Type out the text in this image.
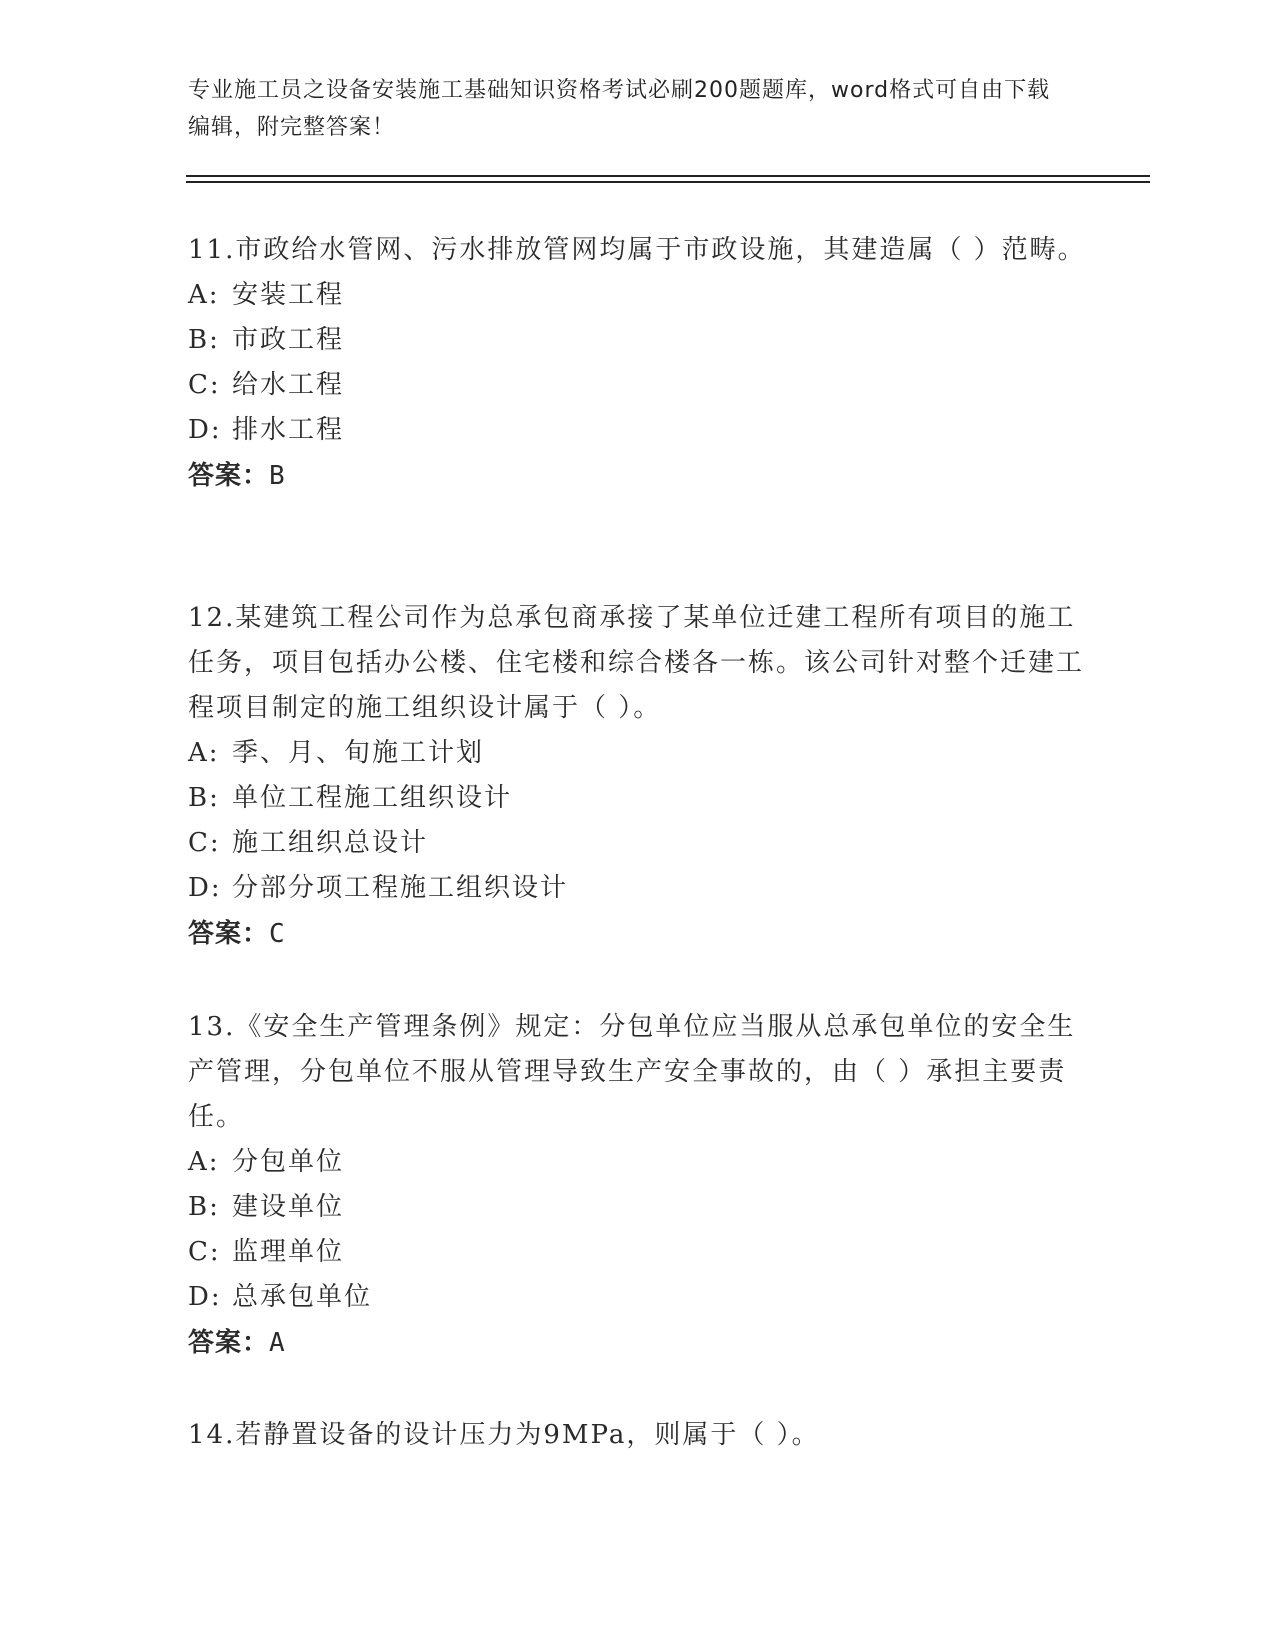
专业施工员之设备安装施工基础知识资格考试必刷200题题库，word格式可自由下载编辑，附完整答案！
11.市政给水管网、污水排放管网均属于市政设施，其建造属（ ）范畴。
A: 安装工程
B: 市政工程
C: 给水工程
D: 排水工程
答案：B
12.某建筑工程公司作为总承包商承接了某单位迁建工程所有项目的施工任务，项目包括办公楼、住宅楼和综合楼各一栋。该公司针对整个迁建工程项目制定的施工组织设计属于（ ）。
A: 季、月、旬施工计划
B: 单位工程施工组织设计
C: 施工组织总设计
D: 分部分项工程施工组织设计
答案：C
13.《安全生产管理条例》规定：分包单位应当服从总承包单位的安全生产管理，分包单位不服从管理导致生产安全事故的，由（ ）承担主要责任。
A: 分包单位
B: 建设单位
C: 监理单位
D: 总承包单位
答案：A
14.若静置设备的设计压力为9MPa，则属于（ ）。
